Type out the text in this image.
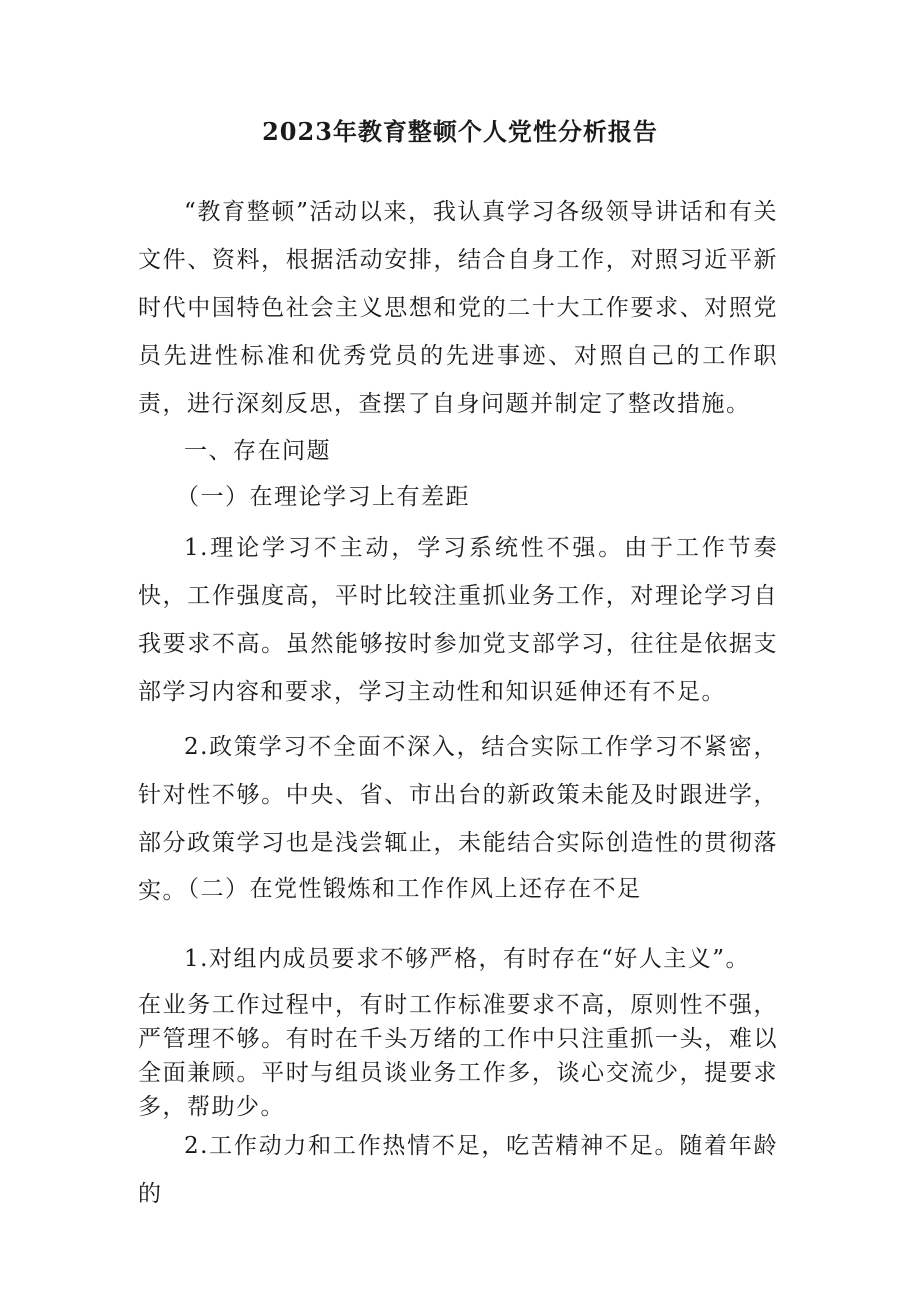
2023年教育整顿个人党性分析报告

“教育整顿”活动以来，我认真学习各级领导讲话和有关文件、资料，根据活动安排，结合自身工作，对照习近平新时代中国特色社会主义思想和党的二十大工作要求、对照党员先进性标准和优秀党员的先进事迹、对照自己的工作职责，进行深刻反思，查摆了自身问题并制定了整改措施。

一、存在问题

（一）在理论学习上有差距

1.理论学习不主动，学习系统性不强。由于工作节奏快，工作强度高，平时比较注重抓业务工作，对理论学习自我要求不高。虽然能够按时参加党支部学习，往往是依据支部学习内容和要求，学习主动性和知识延伸还有不足。

2.政策学习不全面不深入，结合实际工作学习不紧密，针对性不够。中央、省、市出台的新政策未能及时跟进学，部分政策学习也是浅尝辄止，未能结合实际创造性的贯彻落实。

（二）在党性锻炼和工作作风上还存在不足

1.对组内成员要求不够严格，有时存在“好人主义”。

在业务工作过程中，有时工作标准要求不高，原则性不强，严管理不够。有时在千头万绪的工作中只注重抓一头，难以全面兼顾。平时与组员谈业务工作多，谈心交流少，提要求多，帮助少。

2.工作动力和工作热情不足，吃苦精神不足。随着年龄的
